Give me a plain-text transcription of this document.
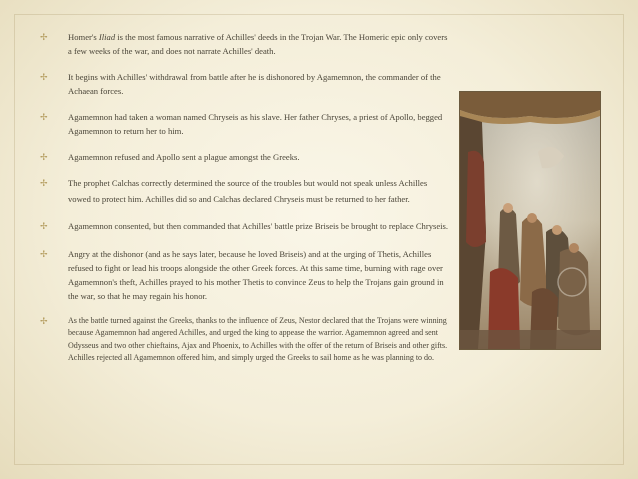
✢ Homer's Iliad is the most famous narrative of Achilles' deeds in the Trojan War. The Homeric epic only covers a few weeks of the war, and does not narrate Achilles' death.
✢ It begins with Achilles' withdrawal from battle after he is dishonored by Agamemnon, the commander of the Achaean forces.
✢ Agamemnon had taken a woman named Chryseis as his slave. Her father Chryses, a priest of Apollo, begged Agamemnon to return her to him.
✢ Agamemnon refused and Apollo sent a plague amongst the Greeks.
✢ The prophet Calchas correctly determined the source of the troubles but would not speak unless Achilles vowed to protect him. Achilles did so and Calchas declared Chryseis must be returned to her father.
✢ Agamemnon consented, but then commanded that Achilles' battle prize Briseis be brought to replace Chryseis.
✢ Angry at the dishonor (and as he says later, because he loved Briseis) and at the urging of Thetis, Achilles refused to fight or lead his troops alongside the other Greek forces. At this same time, burning with rage over Agamemnon's theft, Achilles prayed to his mother Thetis to convince Zeus to help the Trojans gain ground in the war, so that he may regain his honor.
✢	As the battle turned against the Greeks, thanks to the influence of Zeus, Nestor declared that the Trojans were winning because Agamemnon had angered Achilles, and urged the king to appease the warrior. Agamemnon agreed and sent Odysseus and two other chieftains, Ajax and Phoenix, to Achilles with the offer of the return of Briseis and other gifts. Achilles rejected all Agamemnon offered him, and simply urged the Greeks to sail home as he was planning to do.
